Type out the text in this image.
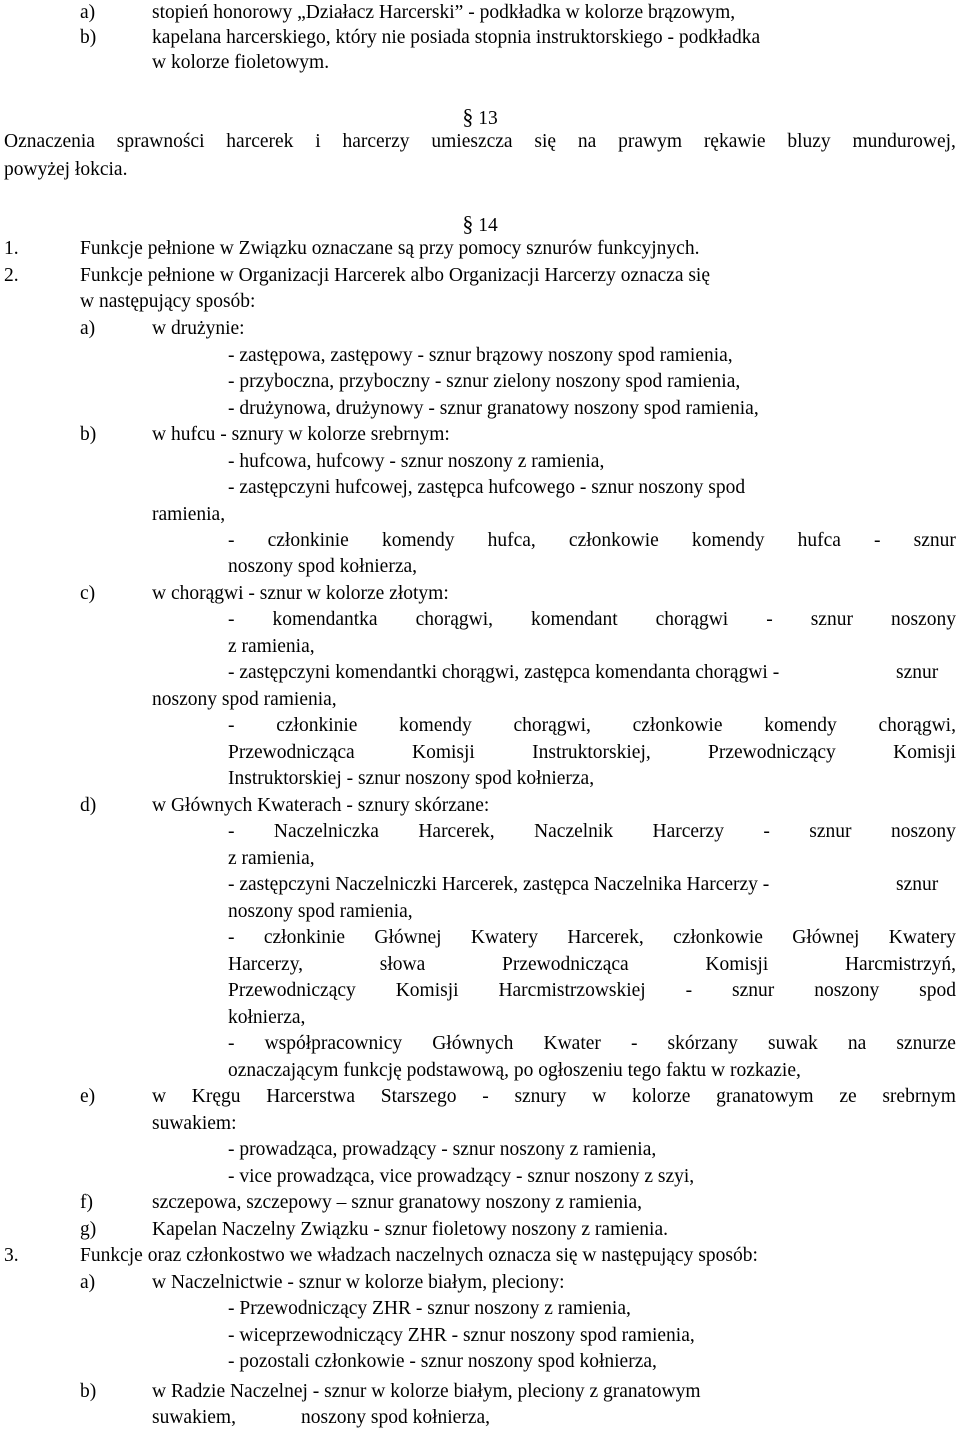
a)	stopień honorowy „Działacz Harcerski” - podkładka w kolorze brązowym,
b)	kapelana harcerskiego, który nie posiada stopnia instruktorskiego - podkładka
w kolorze fioletowym.
§ 13
Oznaczenia sprawności harcerek i harcerzy umieszcza się na prawym rękawie bluzy mundurowej,
powyżej łokcia.
§ 14
1.	Funkcje pełnione w Związku oznaczane są przy pomocy sznurów funkcyjnych.
2.	Funkcje pełnione w Organizacji Harcerek albo Organizacji Harcerzy oznacza się
w następujący sposób:
a)	w drużynie:
- zastępowa, zastępowy - sznur brązowy noszony spod ramienia,
- przyboczna, przyboczny - sznur zielony noszony spod ramienia,
- drużynowa, drużynowy - sznur granatowy noszony spod ramienia,
b)	w hufcu - sznury w kolorze srebrnym:
- hufcowa, hufcowy - sznur noszony z ramienia,
- zastępczyni hufcowej, zastępca hufcowego - sznur noszony spod
ramienia,
- członkinie komendy hufca, członkowie komendy hufca - sznur
noszony spod kołnierza,
c)	w chorągwi - sznur w kolorze złotym:
- komendantka chorągwi, komendant chorągwi - sznur noszony
z ramienia,
- zastępczyni komendantki chorągwi, zastępca komendanta chorągwi -	sznur
noszony spod ramienia,
- członkinie komendy chorągwi, członkowie komendy chorągwi,
Przewodnicząca	Komisji	Instruktorskiej,	Przewodniczący	Komisji
Instruktorskiej - sznur noszony spod kołnierza,
d)	w Głównych Kwaterach - sznury skórzane:
- Naczelniczka Harcerek, Naczelnik Harcerzy - sznur noszony
z ramienia,
- zastępczyni Naczelniczki Harcerek, zastępca Naczelnika Harcerzy -	sznur
noszony spod ramienia,
- członkinie Głównej Kwatery Harcerek, członkowie Głównej Kwatery
Harcerzy,	słowa	Przewodnicząca	Komisji	Harcmistrzyń,
Przewodniczący Komisji Harcmistrzowskiej - sznur noszony spod
kołnierza,
- współpracownicy Głównych Kwater - skórzany suwak na sznurze
oznaczającym funkcję podstawową, po ogłoszeniu tego faktu w rozkazie,
e)	w Kręgu Harcerstwa Starszego - sznury w kolorze granatowym ze srebrnym
suwakiem:
- prowadząca, prowadzący - sznur noszony z ramienia,
- vice prowadząca, vice prowadzący - sznur noszony z szyi,
f)	szczepowa, szczepowy – sznur granatowy noszony z ramienia,
g)	Kapelan Naczelny Związku - sznur fioletowy noszony z ramienia.
3.	Funkcje oraz członkostwo we władzach naczelnych oznacza się w następujący sposób:
a)	w Naczelnictwie - sznur w kolorze białym, pleciony:
- Przewodniczący ZHR - sznur noszony z ramienia,
- wiceprzewodniczący ZHR - sznur noszony spod ramienia,
- pozostali członkowie - sznur noszony spod kołnierza,
b)	w Radzie Naczelnej - sznur w kolorze białym, pleciony z granatowym
suwakiem,	noszony spod kołnierza,
